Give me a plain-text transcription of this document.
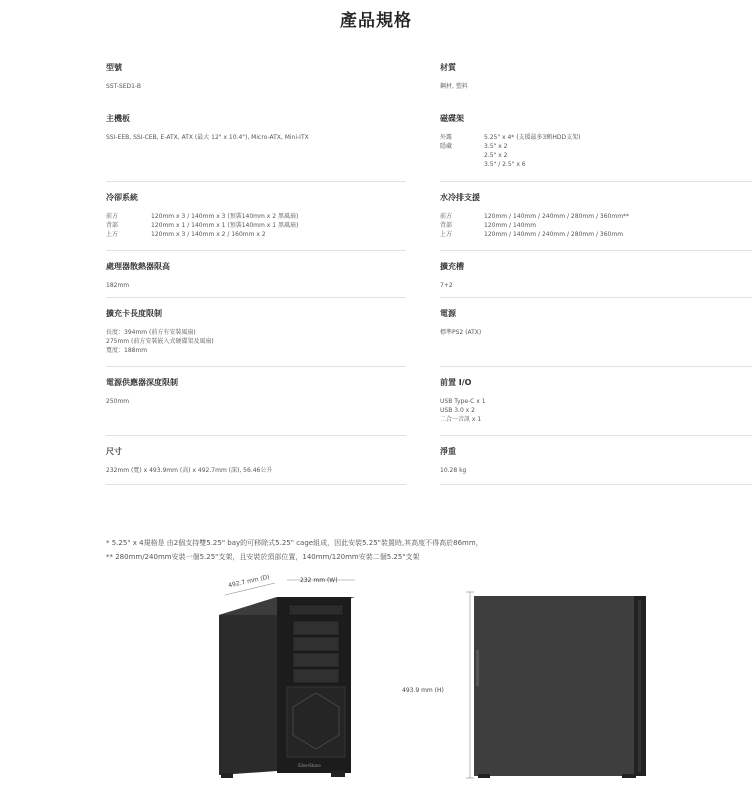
產品規格
型號
SST-SED1-B
材質
鋼材, 塑料
主機板
SSI-EEB, SSI-CEB, E-ATX, ATX (最大 12" x 10.4"), Micro-ATX, Mini-ITX
磁碟架
外露	5.25" x 4* (支援最多3顆HDD支架)
隱藏	3.5" x 2
2.5" x 2
3.5" / 2.5" x 6
冷卻系統
前方	120mm x 3 / 140mm x 3 (預裝140mm x 2 黑風扇)
背部	120mm x 1 / 140mm x 1 (預裝140mm x 1 黑風扇)
上方	120mm x 3 / 140mm x 2 / 160mm x 2
水冷排支援
前方	120mm / 140mm / 240mm / 280mm / 360mm**
背部	120mm / 140mm
上方	120mm / 140mm / 240mm / 280mm / 360mm
處理器散熱器限高
182mm
擴充槽
7+2
擴充卡長度限制
長度：394mm (前方有安裝風扇)
275mm (前方安裝嵌入式硬碟架及風扇)
寬度：188mm
電源
標準PS2 (ATX)
電源供應器深度限制
250mm
前置 I/O
USB Type-C x 1
USB 3.0 x 2
二合一音訊 x 1
尺寸
232mm (寬) x 493.9mm (高) x 492.7mm (深), 56.46公升
淨重
10.28 kg
* 5.25" x 4規格是 由2個支持雙5.25" bay的可移除式5.25" cage組成，因此安裝5.25"裝置時,其高度不得高於86mm，
** 280mm/240mm安裝一個5.25"支架，且安裝於頂部位置，140mm/120mm安裝二個5.25"支架
492.7 mm (D)	232 mm (W)
SilverStone
493.9 mm (H)
